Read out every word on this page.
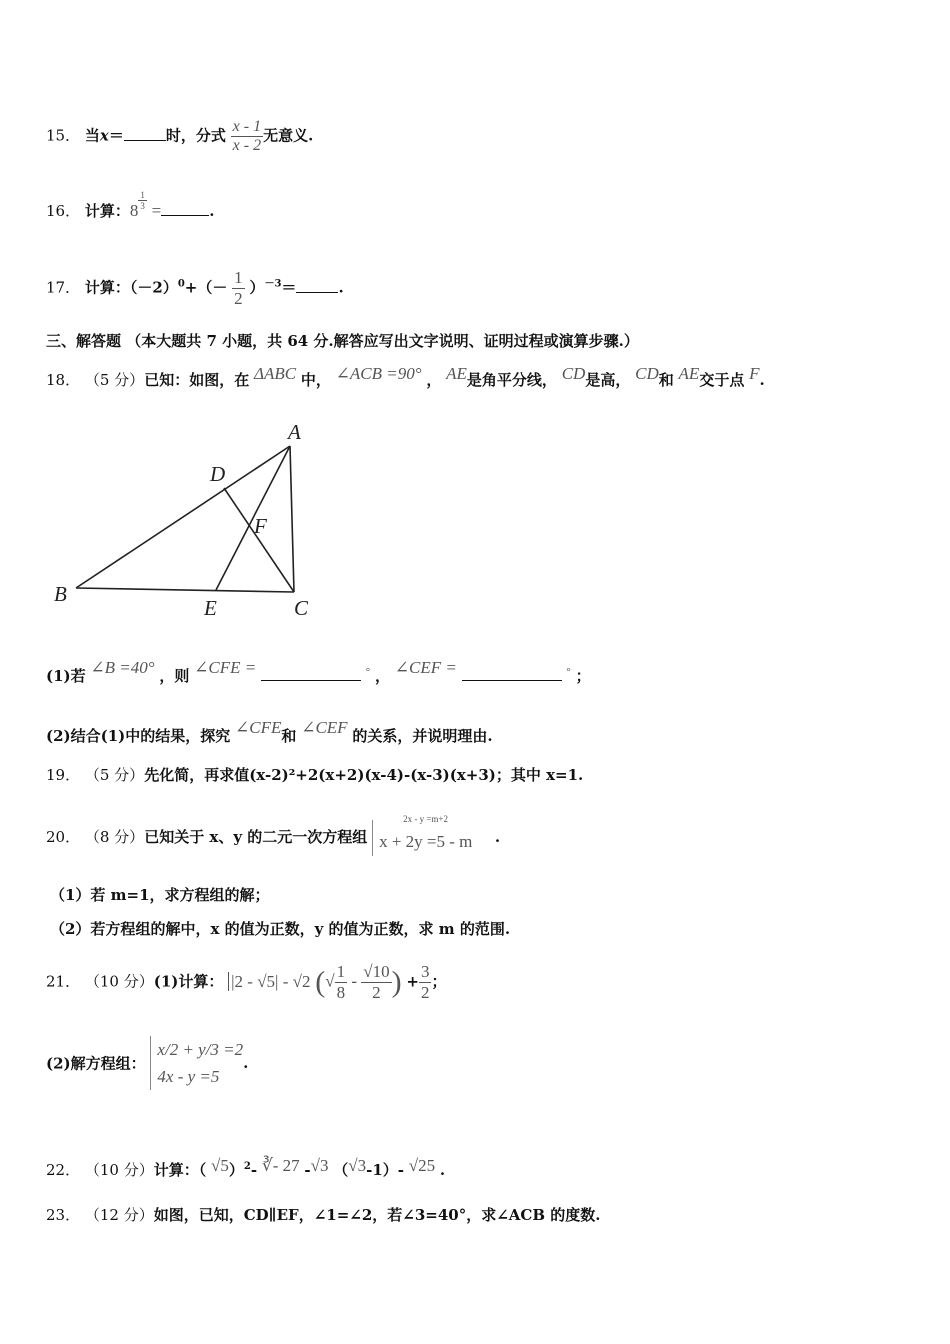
15． 当x＝	时，分式 $\frac{x - 1}{x - 2}$ 无意义.
16． 计算：$8 \frac{1}{3}$ =	.
17． 计算：$(-2)^0+(- \frac{1}{2} )^{-3}=$	.
三、解答题 （本大题共 7 小题，共 64 分.解答应写出文字说明、证明过程或演算步骤.）
18． （5 分）已知：如图，在 ΔABC 中， ∠ACB =90° ， AE是角平分线， CD是高， CD和 AE交于点 F.
A
B
C
D
E
F
(1)若 ∠B =40° ，则 ∠CFE =	° ， ∠CEF =	° ；
(2)结合(1)中的结果，探究 ∠CFE和 ∠CEF 的关系，并说明理由.
19． （5 分）先化简，再求值(x-2)²+2(x+2)(x-4)-(x-3)(x+3)；其中 x=1.
20． （8 分）已知关于 x、y 的二元一次方程组
2x - y =m+2
x + 2y =5 - m .
（1）若 m=1，求方程组的解；
（2）若方程组的解中，x 的值为正数，y 的值为正数，求 m 的范围.
21． （10 分）(1)计算： |2 - √5| - √2 (√ $\frac{1}{8} - \frac{√10}{2}$ ) + $\frac{3}{2}$ ；
(2)解方程组：
x/2 + y/3 =2
4x - y =5
.
22． （10 分）计算：（ √5）$^2$- ∛- 27 -√3 （√3-1）- √25 .
23． （12 分）如图，已知，CD∥EF，∠1=∠2，若∠3=40°，求∠ACB 的度数.
